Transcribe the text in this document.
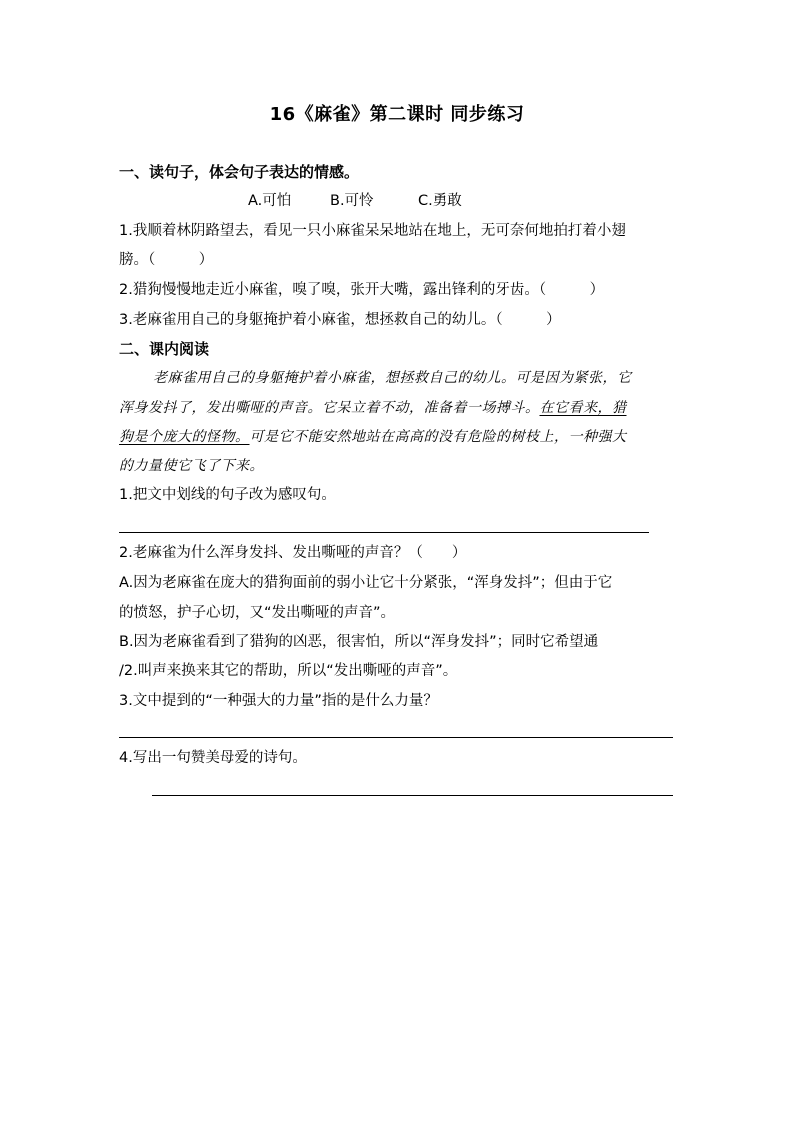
16《麻雀》第二课时 同步练习
一、读句子，体会句子表达的情感。
A.可怕	B.可怜	C.勇敢
1.我顺着林阴路望去，看见一只小麻雀呆呆地站在地上，无可奈何地拍打着小翅
膀。（　　　）
2.猎狗慢慢地走近小麻雀，嗅了嗅，张开大嘴，露出锋利的牙齿。（　　　）
3.老麻雀用自己的身躯掩护着小麻雀，想拯救自己的幼儿。（　　　）
二、课内阅读
老麻雀用自己的身躯掩护着小麻雀，想拯救自己的幼儿。可是因为紧张，它
浑身发抖了，发出嘶哑的声音。它呆立着不动，准备着一场搏斗。在它看来，猎
狗是个庞大的怪物。可是它不能安然地站在高高的没有危险的树枝上，一种强大
的力量使它飞了下来。
1.把文中划线的句子改为感叹句。
2.老麻雀为什么浑身发抖、发出嘶哑的声音？（　　）
A.因为老麻雀在庞大的猎狗面前的弱小让它十分紧张，“浑身发抖”；但由于它
的愤怒，护子心切，又“发出嘶哑的声音”。
B.因为老麻雀看到了猎狗的凶恶，很害怕，所以“浑身发抖”；同时它希望通
/2.叫声来换来其它的帮助，所以“发出嘶哑的声音”。
3.文中提到的“一种强大的力量”指的是什么力量？
4.写出一句赞美母爱的诗句。
